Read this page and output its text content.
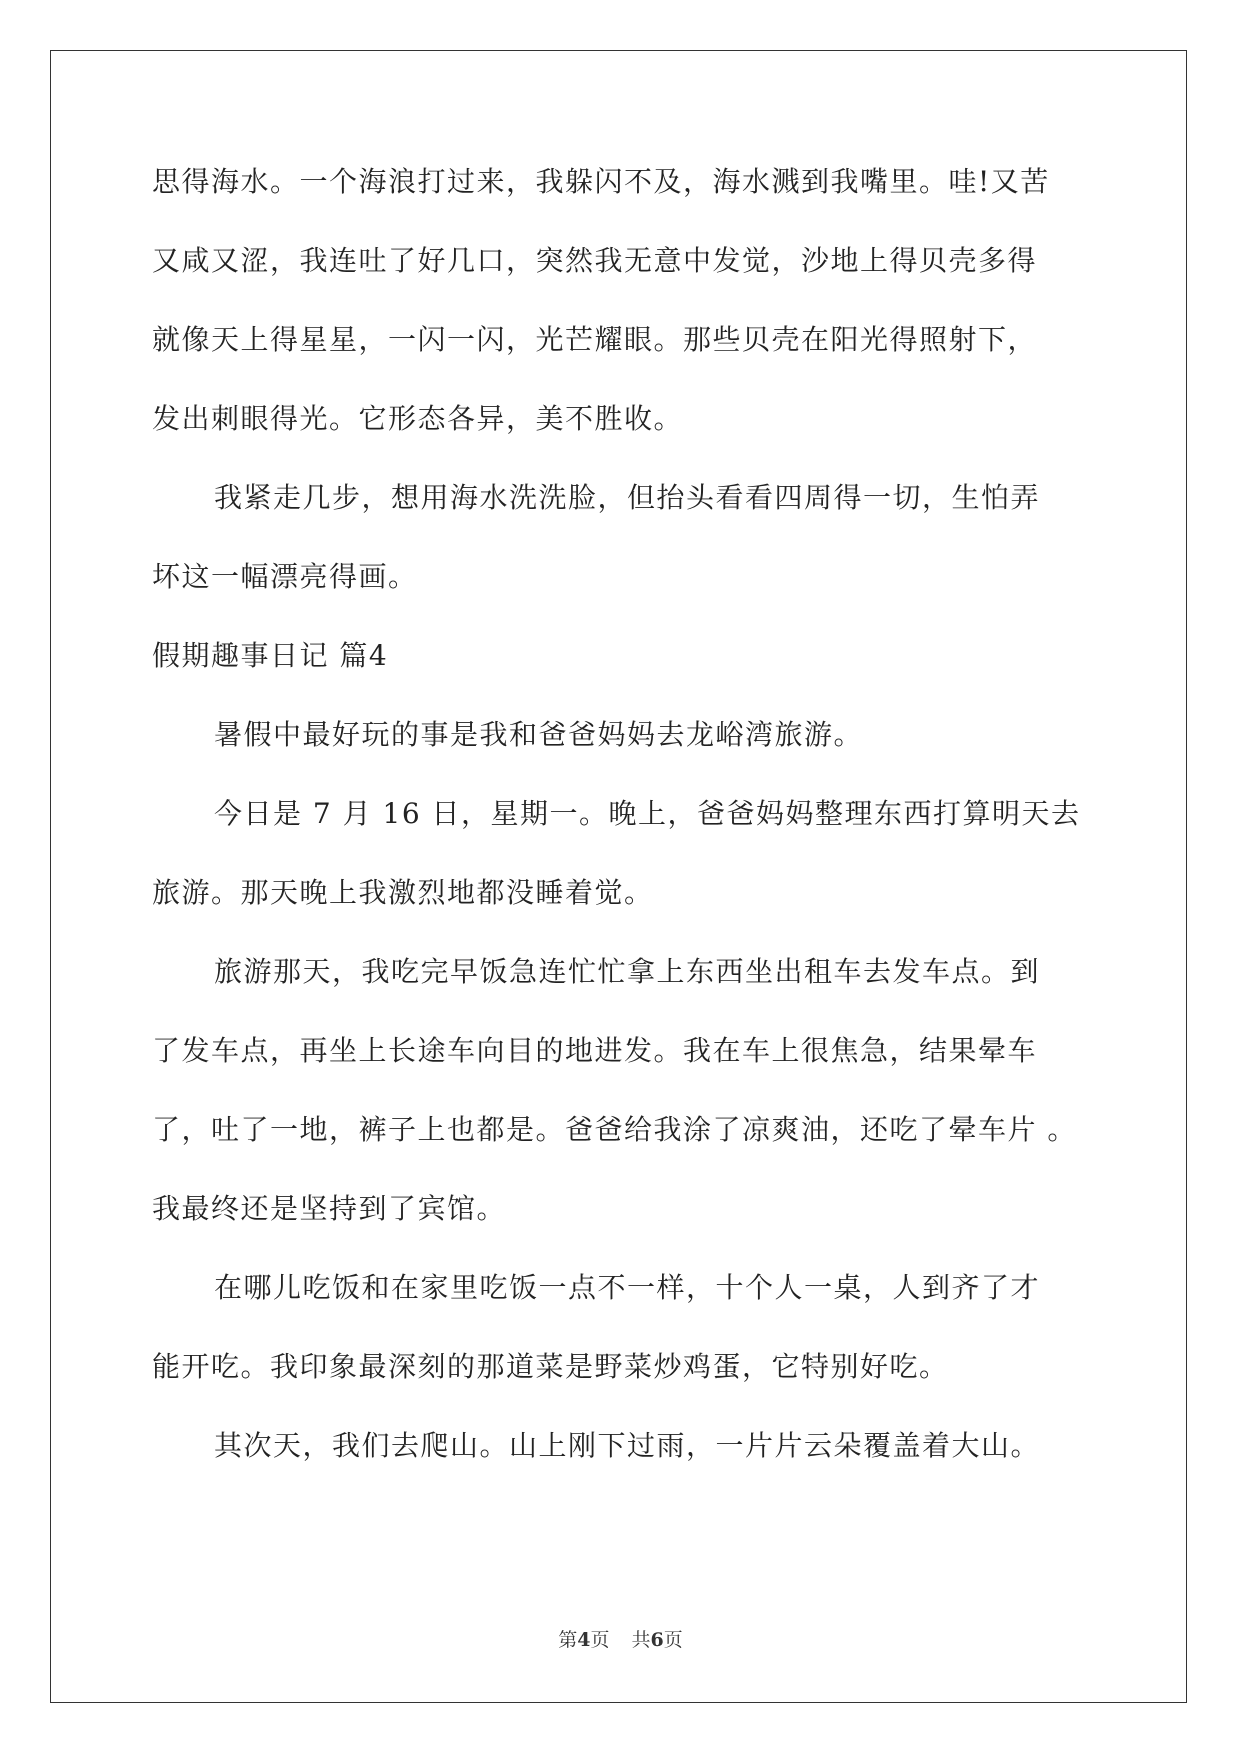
思得海水。一个海浪打过来，我躲闪不及，海水溅到我嘴里。哇!又苦
又咸又涩，我连吐了好几口，突然我无意中发觉，沙地上得贝壳多得
就像天上得星星，一闪一闪，光芒耀眼。那些贝壳在阳光得照射下，
发出刺眼得光。它形态各异，美不胜收。
我紧走几步，想用海水洗洗脸，但抬头看看四周得一切，生怕弄
坏这一幅漂亮得画。
假期趣事日记 篇4
暑假中最好玩的事是我和爸爸妈妈去龙峪湾旅游。
今日是 7 月 16 日，星期一。晚上，爸爸妈妈整理东西打算明天去
旅游。那天晚上我激烈地都没睡着觉。
旅游那天，我吃完早饭急连忙忙拿上东西坐出租车去发车点。到
了发车点，再坐上长途车向目的地进发。我在车上很焦急，结果晕车
了，吐了一地，裤子上也都是。爸爸给我涂了凉爽油，还吃了晕车片 。
我最终还是坚持到了宾馆。
在哪儿吃饭和在家里吃饭一点不一样，十个人一桌，人到齐了才
能开吃。我印象最深刻的那道菜是野菜炒鸡蛋，它特别好吃。
其次天，我们去爬山。山上刚下过雨，一片片云朵覆盖着大山。
第4页 共6页
